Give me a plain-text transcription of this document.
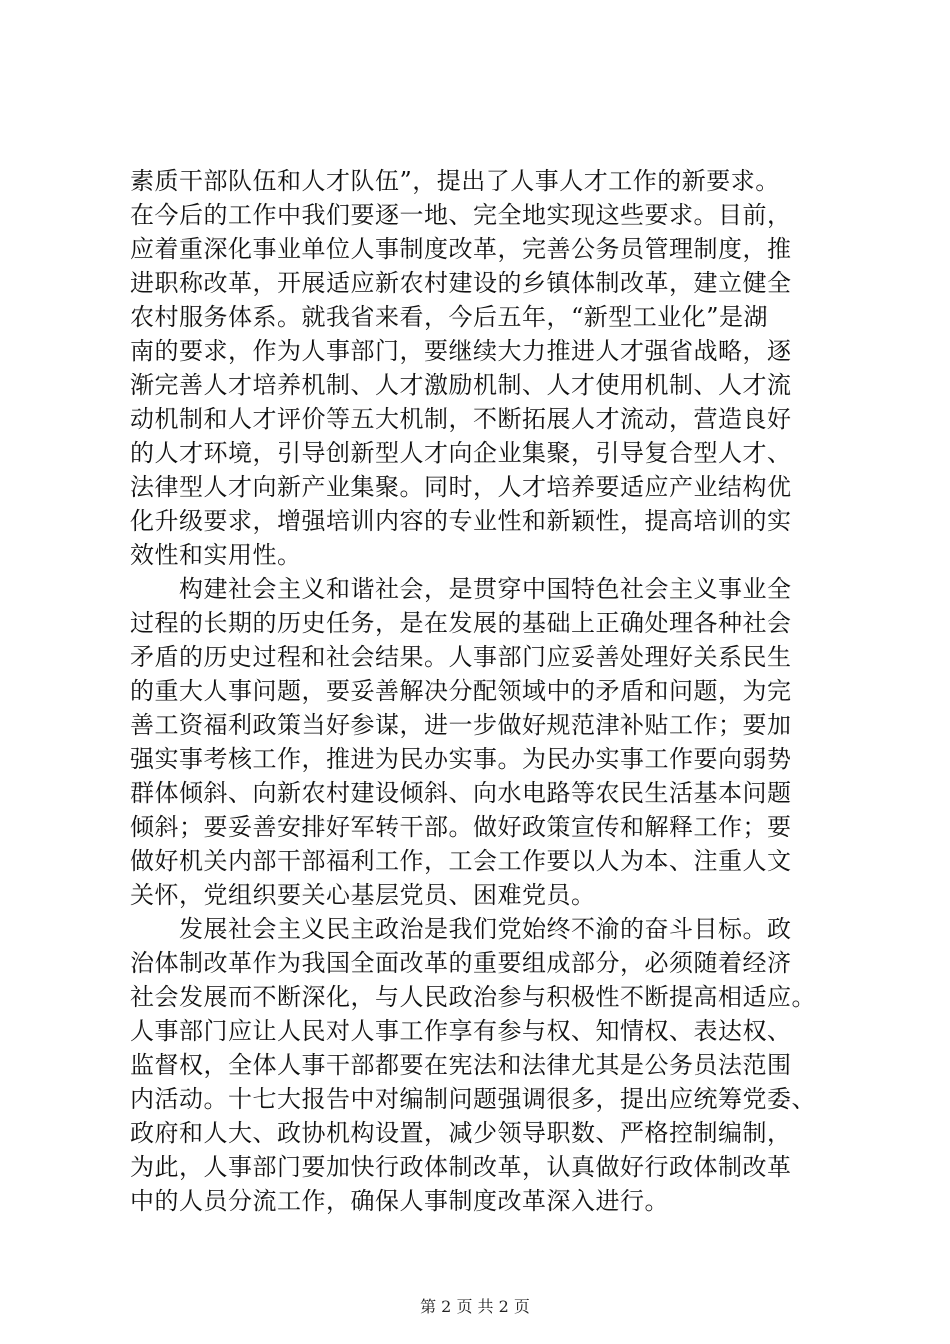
素质干部队伍和人才队伍”，提出了人事人才工作的新要求。
在今后的工作中我们要逐一地、完全地实现这些要求。目前，
应着重深化事业单位人事制度改革，完善公务员管理制度，推
进职称改革，开展适应新农村建设的乡镇体制改革，建立健全
农村服务体系。就我省来看，今后五年，“新型工业化”是湖
南的要求，作为人事部门，要继续大力推进人才强省战略，逐
渐完善人才培养机制、人才激励机制、人才使用机制、人才流
动机制和人才评价等五大机制，不断拓展人才流动，营造良好
的人才环境，引导创新型人才向企业集聚，引导复合型人才、
法律型人才向新产业集聚。同时，人才培养要适应产业结构优
化升级要求，增强培训内容的专业性和新颖性，提高培训的实
效性和实用性。
　　构建社会主义和谐社会，是贯穿中国特色社会主义事业全
过程的长期的历史任务，是在发展的基础上正确处理各种社会
矛盾的历史过程和社会结果。人事部门应妥善处理好关系民生
的重大人事问题，要妥善解决分配领域中的矛盾和问题，为完
善工资福利政策当好参谋，进一步做好规范津补贴工作；要加
强实事考核工作，推进为民办实事。为民办实事工作要向弱势
群体倾斜、向新农村建设倾斜、向水电路等农民生活基本问题
倾斜；要妥善安排好军转干部。做好政策宣传和解释工作；要
做好机关内部干部福利工作，工会工作要以人为本、注重人文
关怀，党组织要关心基层党员、困难党员。
　　发展社会主义民主政治是我们党始终不渝的奋斗目标。政
治体制改革作为我国全面改革的重要组成部分，必须随着经济
社会发展而不断深化，与人民政治参与积极性不断提高相适应。
人事部门应让人民对人事工作享有参与权、知情权、表达权、
监督权，全体人事干部都要在宪法和法律尤其是公务员法范围
内活动。十七大报告中对编制问题强调很多，提出应统筹党委、
政府和人大、政协机构设置，减少领导职数、严格控制编制，
为此，人事部门要加快行政体制改革，认真做好行政体制改革
中的人员分流工作，确保人事制度改革深入进行。
第 2 页 共 2 页
